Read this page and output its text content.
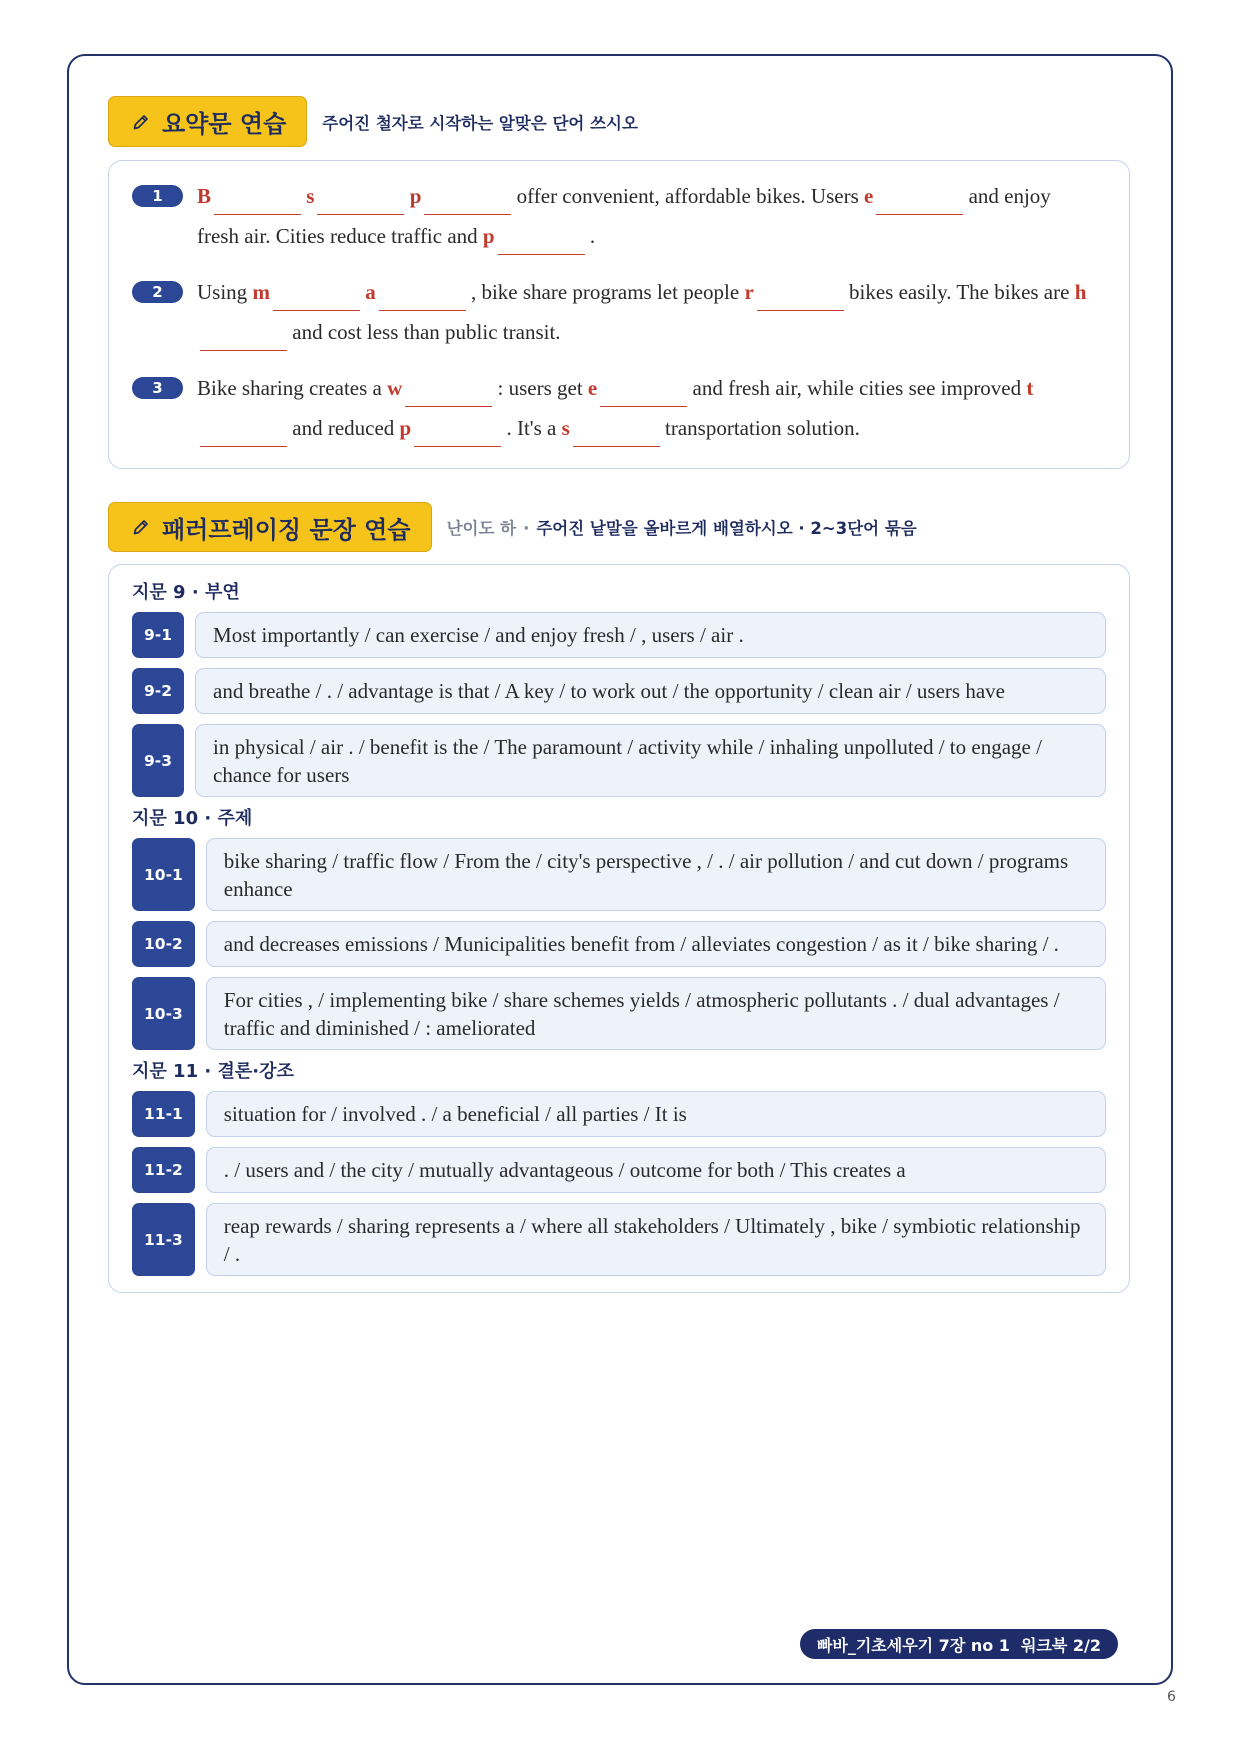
요약문 연습 주어진 철자로 시작하는 알맞은 단어 쓰시오
1	B	s	p	offer convenient, affordable bikes. Users e	and enjoy fresh air. Cities reduce traffic and p	.
2	Using m	a	, bike share programs let people r	bikes easily. The bikes are h and cost less than public transit.
3	Bike sharing creates a w	: users get e	and fresh air, while cities see improved t and reduced p	. It's a s	transportation solution.
패러프레이징 문장 연습 난이도 하 · 주어진 낱말을 올바르게 배열하시오 · 2~3단어 묶음
지문 9 · 부연
9-1	Most importantly / can exercise / and enjoy fresh / , users / air .
9-2	and breathe / . / advantage is that / A key / to work out / the opportunity / clean air / users have
9-3
in physical / air . / benefit is the / The paramount / activity while / inhaling unpolluted / to engage / chance for users
지문 10 · 주제
10-1
bike sharing / traffic flow / From the / city's perspective , / . / air pollution / and cut down / programs enhance
10-2	and decreases emissions / Municipalities benefit from / alleviates congestion / as it / bike sharing / .
10-3
For cities , / implementing bike / share schemes yields / atmospheric pollutants . / dual advantages / traffic and diminished / : ameliorated
지문 11 · 결론·강조
11-1	situation for / involved . / a beneficial / all parties / It is
11-2	. / users and / the city / mutually advantageous / outcome for both / This creates a
11-3
reap rewards / sharing represents a / where all stakeholders / Ultimately , bike / symbiotic relationship / .
빠바_기초세우기 7장 no 1 워크북 2/2
6
